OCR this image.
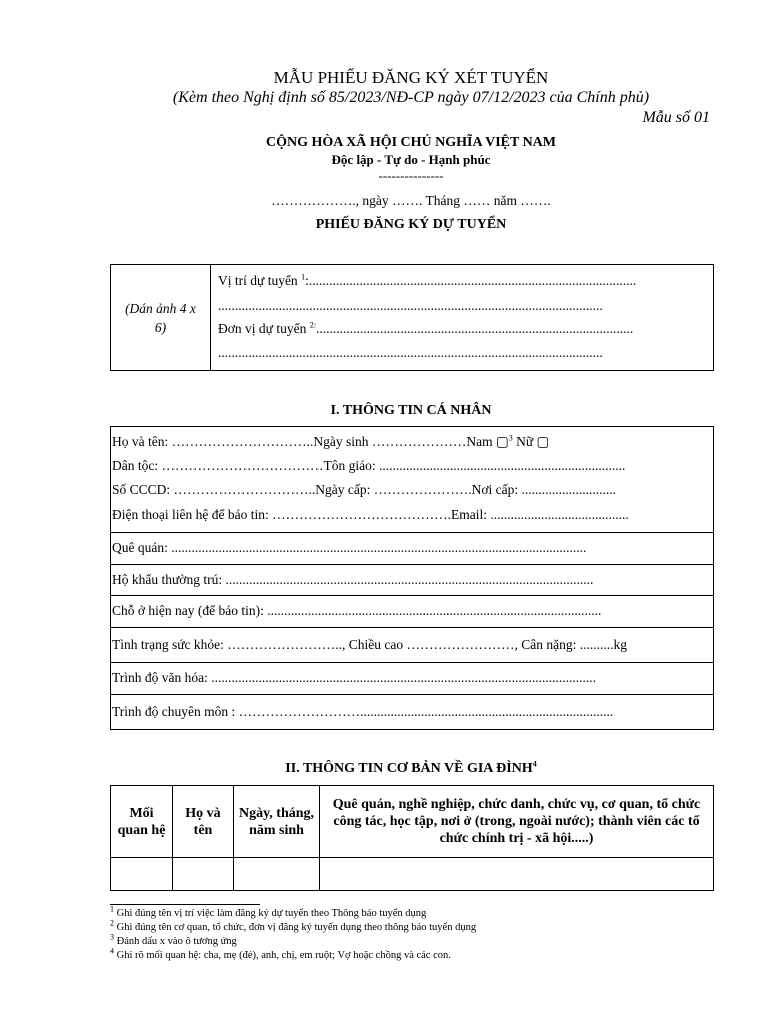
MẪU PHIẾU ĐĂNG KÝ XÉT TUYỂN
(Kèm theo Nghị định số 85/2023/NĐ-CP ngày 07/12/2023 của Chính phủ)
Mẫu số 01
CỘNG HÒA XÃ HỘI CHỦ NGHĨA VIỆT NAM
Độc lập - Tự do - Hạnh phúc
---------------
………………., ngày ……. Tháng …… năm …….
PHIẾU ĐĂNG KÝ DỰ TUYỂN
(Dán ảnh 4 x
6)
Vị trí dự tuyển $^1$:.................................................................................................
..................................................................................................................
Đơn vị dự tuyển $^{2:}$..............................................................................................
..................................................................................................................
I. THÔNG TIN CÁ NHÂN
Họ và tên: …………………………..Ngày sinh …………………Nam ▢$^3$ Nữ ▢
Dân tộc: ………………………………Tôn giáo: .........................................................................
Số CCCD: …………………………..Ngày cấp: ………………….Nơi cấp: ............................
Điện thoại liên hệ để báo tin: ………………………………….Email: .........................................
Quê quán: ...........................................................................................................................
Hộ khẩu thường trú: .............................................................................................................
Chỗ ở hiện nay (để báo tin): ...................................................................................................
Tình trạng sức khỏe: …………………….., Chiều cao ……………………, Cân nặng: ..........kg
Trình độ văn hóa: ..................................................................................................................
Trình độ chuyên môn : ………………………...........................................................................
II. THÔNG TIN CƠ BẢN VỀ GIA ĐÌNH$^4$
Mối quan hệ	Họ và tên	Ngày, tháng, năm sinh	Quê quán, nghề nghiệp, chức danh, chức vụ, cơ quan, tổ chức công tác, học tập, nơi ở (trong, ngoài nước); thành viên các tổ chức chính trị - xã hội.....)

$^1$ Ghi đúng tên vị trí việc làm đăng ký dự tuyển theo Thông báo tuyển dụng
$^2$ Ghi đúng tên cơ quan, tổ chức, đơn vị đăng ký tuyển dụng theo thông báo tuyển dụng
$^3$ Đánh dấu x vào ô tương ứng
$^4$ Ghi rõ mối quan hệ: cha, mẹ (đẻ), anh, chị, em ruột; Vợ hoặc chồng và các con.
